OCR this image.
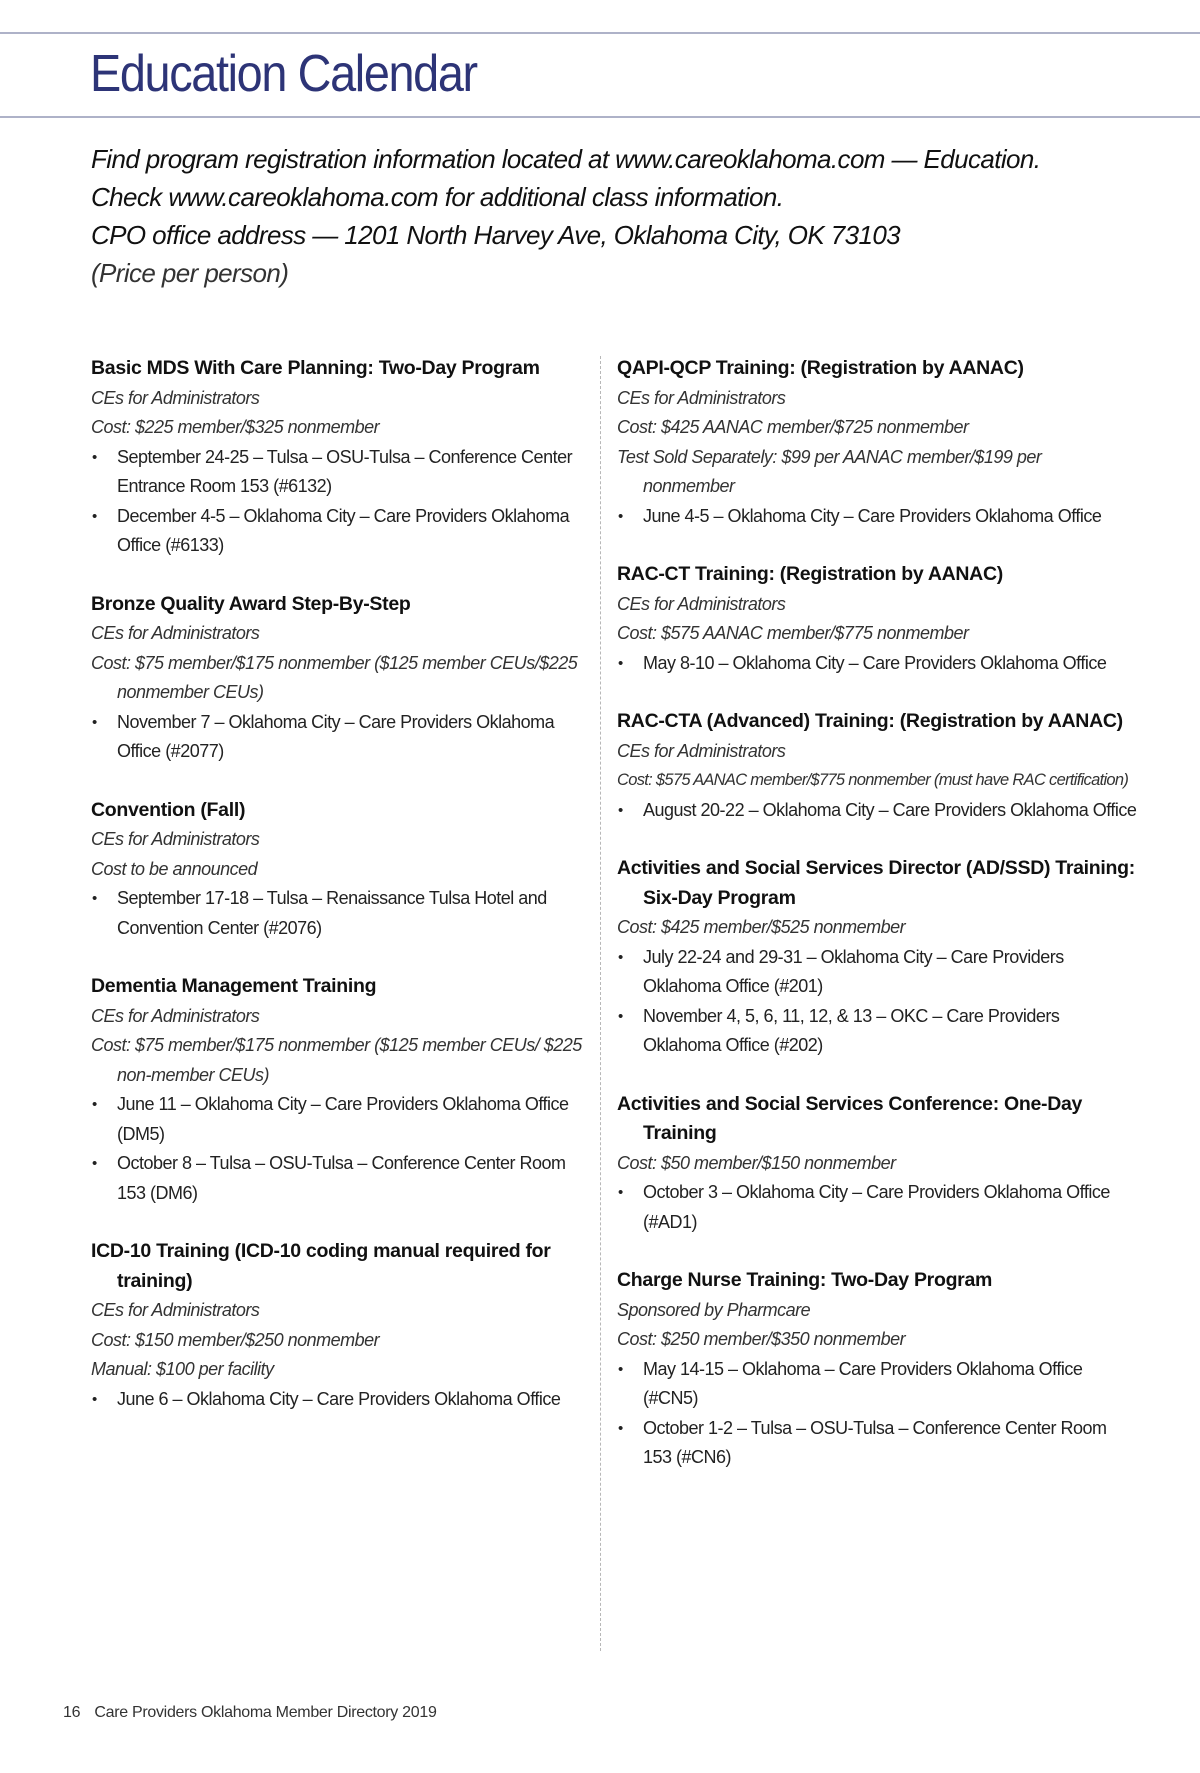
Education Calendar
Find program registration information located at www.careoklahoma.com — Education.
Check www.careoklahoma.com for additional class information.
CPO office address — 1201 North Harvey Ave, Oklahoma City, OK 73103
(Price per person)
Basic MDS With Care Planning: Two-Day Program
CEs for Administrators
Cost: $225 member/$325 nonmember
• September 24-25 – Tulsa – OSU-Tulsa – Conference Center Entrance Room 153 (#6132)
• December 4-5 – Oklahoma City – Care Providers Oklahoma Office (#6133)
Bronze Quality Award Step-By-Step
CEs for Administrators
Cost: $75 member/$175 nonmember ($125 member CEUs/$225 nonmember CEUs)
• November 7 – Oklahoma City – Care Providers Oklahoma Office (#2077)
Convention (Fall)
CEs for Administrators
Cost to be announced
• September 17-18 – Tulsa – Renaissance Tulsa Hotel and Convention Center (#2076)
Dementia Management Training
CEs for Administrators
Cost: $75 member/$175 nonmember ($125 member CEUs/ $225 non-member CEUs)
• June 11 – Oklahoma City – Care Providers Oklahoma Office (DM5)
• October 8 – Tulsa – OSU-Tulsa – Conference Center Room 153 (DM6)
ICD-10 Training (ICD-10 coding manual required for training)
CEs for Administrators
Cost: $150 member/$250 nonmember
Manual: $100 per facility
• June 6 – Oklahoma City – Care Providers Oklahoma Office
QAPI-QCP Training: (Registration by AANAC)
CEs for Administrators
Cost: $425 AANAC member/$725 nonmember
Test Sold Separately: $99 per AANAC member/$199 per nonmember
• June 4-5 – Oklahoma City – Care Providers Oklahoma Office
RAC-CT Training: (Registration by AANAC)
CEs for Administrators
Cost: $575 AANAC member/$775 nonmember
• May 8-10 – Oklahoma City – Care Providers Oklahoma Office
RAC-CTA (Advanced) Training: (Registration by AANAC)
CEs for Administrators
Cost: $575 AANAC member/$775 nonmember (must have RAC certification)
• August 20-22 – Oklahoma City – Care Providers Oklahoma Office
Activities and Social Services Director (AD/SSD) Training: Six-Day Program
Cost: $425 member/$525 nonmember
• July 22-24 and 29-31 – Oklahoma City – Care Providers Oklahoma Office (#201)
• November 4, 5, 6, 11, 12, & 13 – OKC – Care Providers Oklahoma Office (#202)
Activities and Social Services Conference: One-Day Training
Cost: $50 member/$150 nonmember
• October 3 – Oklahoma City – Care Providers Oklahoma Office (#AD1)
Charge Nurse Training: Two-Day Program
Sponsored by Pharmcare
Cost: $250 member/$350 nonmember
• May 14-15 – Oklahoma – Care Providers Oklahoma Office (#CN5)
• October 1-2 – Tulsa – OSU-Tulsa – Conference Center Room 153 (#CN6)
16 Care Providers Oklahoma Member Directory 2019
